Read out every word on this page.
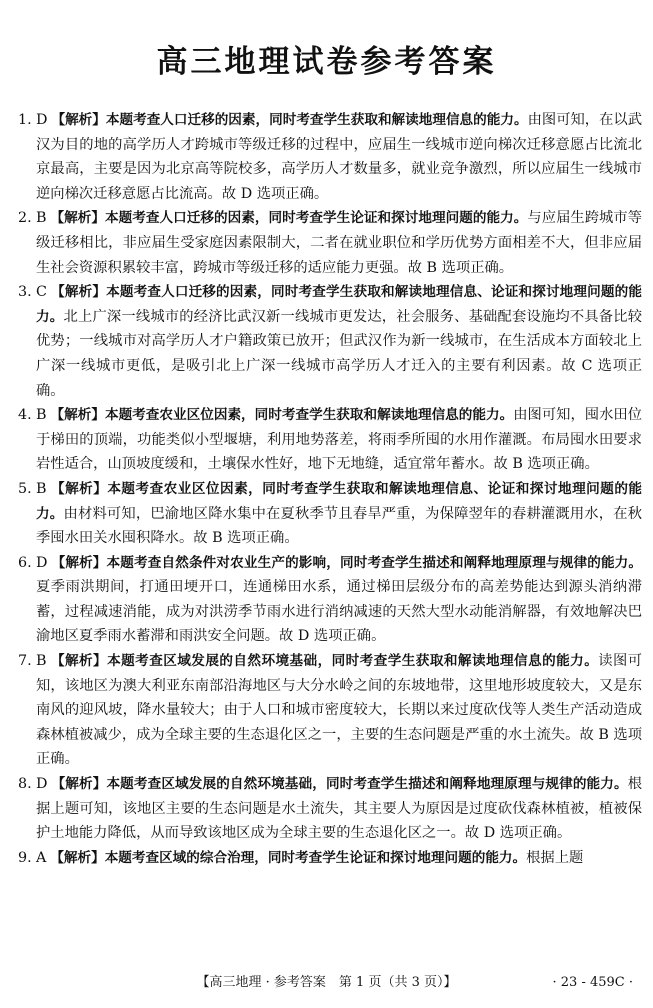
高三地理试卷参考答案
1. D 【解析】本题考查人口迁移的因素，同时考查学生获取和解读地理信息的能力。由图可知，在以武汉为目的地的高学历人才跨城市等级迁移的过程中，应届生一线城市逆向梯次迁移意愿占比流北京最高，主要是因为北京高等院校多，高学历人才数量多，就业竞争激烈，所以应届生一线城市逆向梯次迁移意愿占比流高。故 D 选项正确。
2. B 【解析】本题考查人口迁移的因素，同时考查学生论证和探讨地理问题的能力。与应届生跨城市等级迁移相比，非应届生受家庭因素限制大，二者在就业职位和学历优势方面相差不大，但非应届生社会资源积累较丰富，跨城市等级迁移的适应能力更强。故 B 选项正确。
3. C 【解析】本题考查人口迁移的因素，同时考查学生获取和解读地理信息、论证和探讨地理问题的能力。北上广深一线城市的经济比武汉新一线城市更发达，社会服务、基础配套设施均不具备比较优势；一线城市对高学历人才户籍政策已放开；但武汉作为新一线城市，在生活成本方面较北上广深一线城市更低，是吸引北上广深一线城市高学历人才迁入的主要有利因素。故 C 选项正确。
4. B 【解析】本题考查农业区位因素，同时考查学生获取和解读地理信息的能力。由图可知，囤水田位于梯田的顶端，功能类似小型堰塘，利用地势落差，将雨季所囤的水用作灌溉。布局囤水田要求岩性适合，山顶坡度缓和，土壤保水性好，地下无地缝，适宜常年蓄水。故 B 选项正确。
5. B 【解析】本题考查农业区位因素，同时考查学生获取和解读地理信息、论证和探讨地理问题的能力。由材料可知，巴渝地区降水集中在夏秋季节且春旱严重，为保障翌年的春耕灌溉用水，在秋季囤水田关水囤积降水。故 B 选项正确。
6. D 【解析】本题考查自然条件对农业生产的影响，同时考查学生描述和阐释地理原理与规律的能力。夏季雨洪期间，打通田埂开口，连通梯田水系，通过梯田层级分布的高差势能达到源头消纳滞蓄，过程减速消能，成为对洪涝季节雨水进行消纳减速的天然大型水动能消解器，有效地解决巴渝地区夏季雨水蓄滞和雨洪安全问题。故 D 选项正确。
7. B 【解析】本题考查区域发展的自然环境基础，同时考查学生获取和解读地理信息的能力。读图可知，该地区为澳大利亚东南部沿海地区与大分水岭之间的东坡地带，这里地形坡度较大，又是东南风的迎风坡，降水量较大；由于人口和城市密度较大，长期以来过度砍伐等人类生产活动造成森林植被减少，成为全球主要的生态退化区之一，主要的生态问题是严重的水土流失。故 B 选项正确。
8. D 【解析】本题考查区域发展的自然环境基础，同时考查学生描述和阐释地理原理与规律的能力。根据上题可知，该地区主要的生态问题是水土流失，其主要人为原因是过度砍伐森林植被，植被保护土地能力降低，从而导致该地区成为全球主要的生态退化区之一。故 D 选项正确。
9. A 【解析】本题考查区域的综合治理，同时考查学生论证和探讨地理问题的能力。根据上题
【高三地理 · 参考答案　第 1 页（共 3 页）】	· 23 - 459C ·
